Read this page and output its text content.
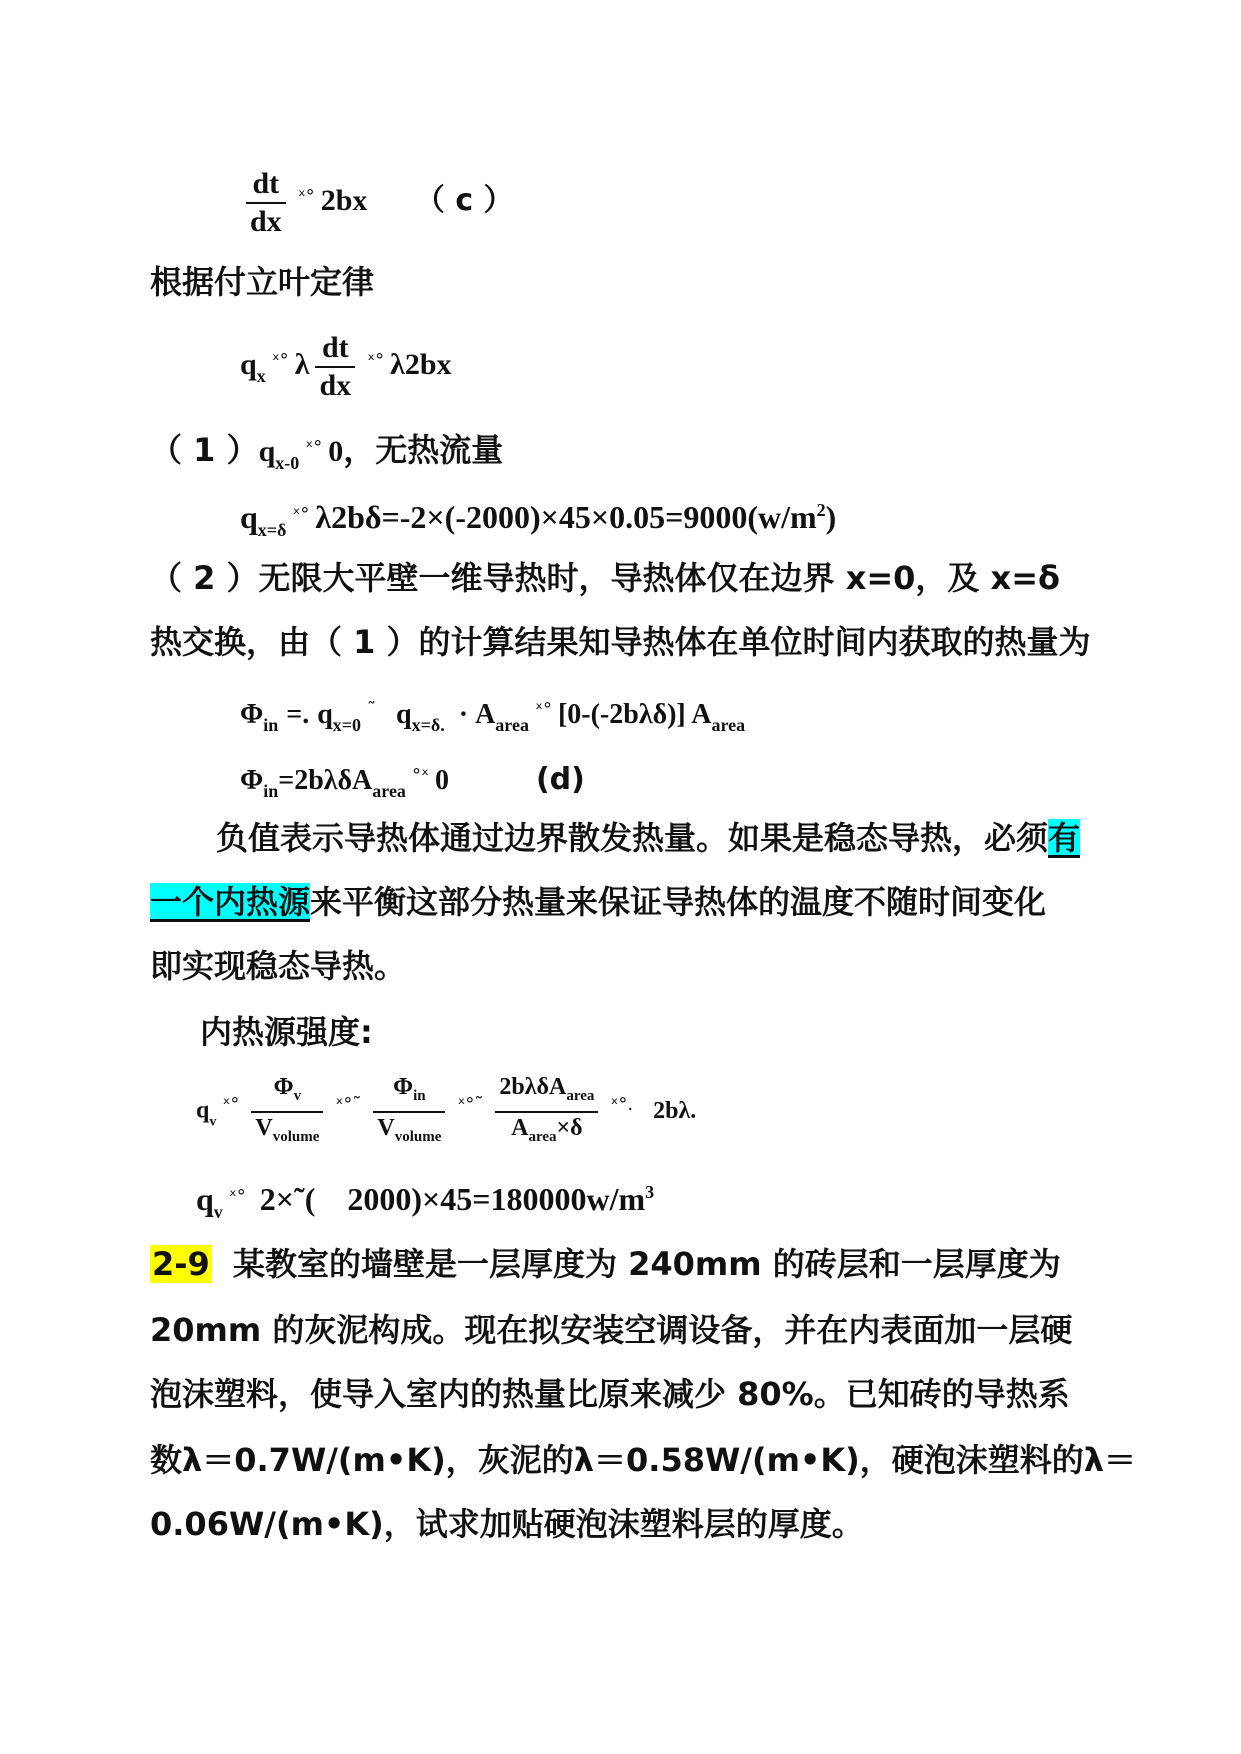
$\frac{dt}{dx} ^{ˣ^\circ}$ 2bx （ c ）
根据付立叶定律
$q_x^{ˣ^\circ}$ λ $\frac{dt}{dx} ^{ˣ^\circ}$ λ2bx
（ 1 ）$q_{x-0}^{ˣ^\circ}$ 0，无热流量
$q_{x=\delta}^{ˣ^\circ}$ $\lambda 2b\delta=-2\times(-2000)\times 45\times 0.05=9000(w/m^2)$
（ 2 ）无限大平壁一维导热时，导热体仅在边界 x=0，及 x=δ
热交换，由（ 1 ）的计算结果知导热体在单位时间内获取的热量为
$\Phi_{in}$ =. $q_{x=0}^˜$ $q_{x=\delta.} \cdot A_{area}^{ˣ^\circ}$ [0-(-2bλδ)] $A_{area}$
$\Phi_{in}=2b\lambda\delta A_{area}^{^\circ ˣ}$ 0	(d)
负值表示导热体通过边界散发热量。如果是稳态导热，必须有
一个内热源来平衡这部分热量来保证导热体的温度不随时间变化
即实现稳态导热。
内热源强度:
$q_v^{ˣ^\circ} \frac{\Phi_v}{V_{volume}} ^{ˣ^\circ˜} \frac{\Phi_{in}}{V_{volume}} ^{ˣ^\circ˜} \frac{2b\lambda\delta A_{area}}{A_{area}\times\delta} ^{ˣ^\circ.}$ 2bλ.
$q_v^{ˣ^\circ}$ 2×˜(　$2000)\times 45=180000w/m^3$
2-9 某教室的墙壁是一层厚度为 240mm 的砖层和一层厚度为
20mm 的灰泥构成。现在拟安装空调设备，并在内表面加一层硬
泡沫塑料，使导入室内的热量比原来减少 80%。已知砖的导热系
数λ＝0.7W/(m•K)，灰泥的λ＝0.58W/(m•K)，硬泡沫塑料的λ＝
0.06W/(m•K)，试求加贴硬泡沫塑料层的厚度。
